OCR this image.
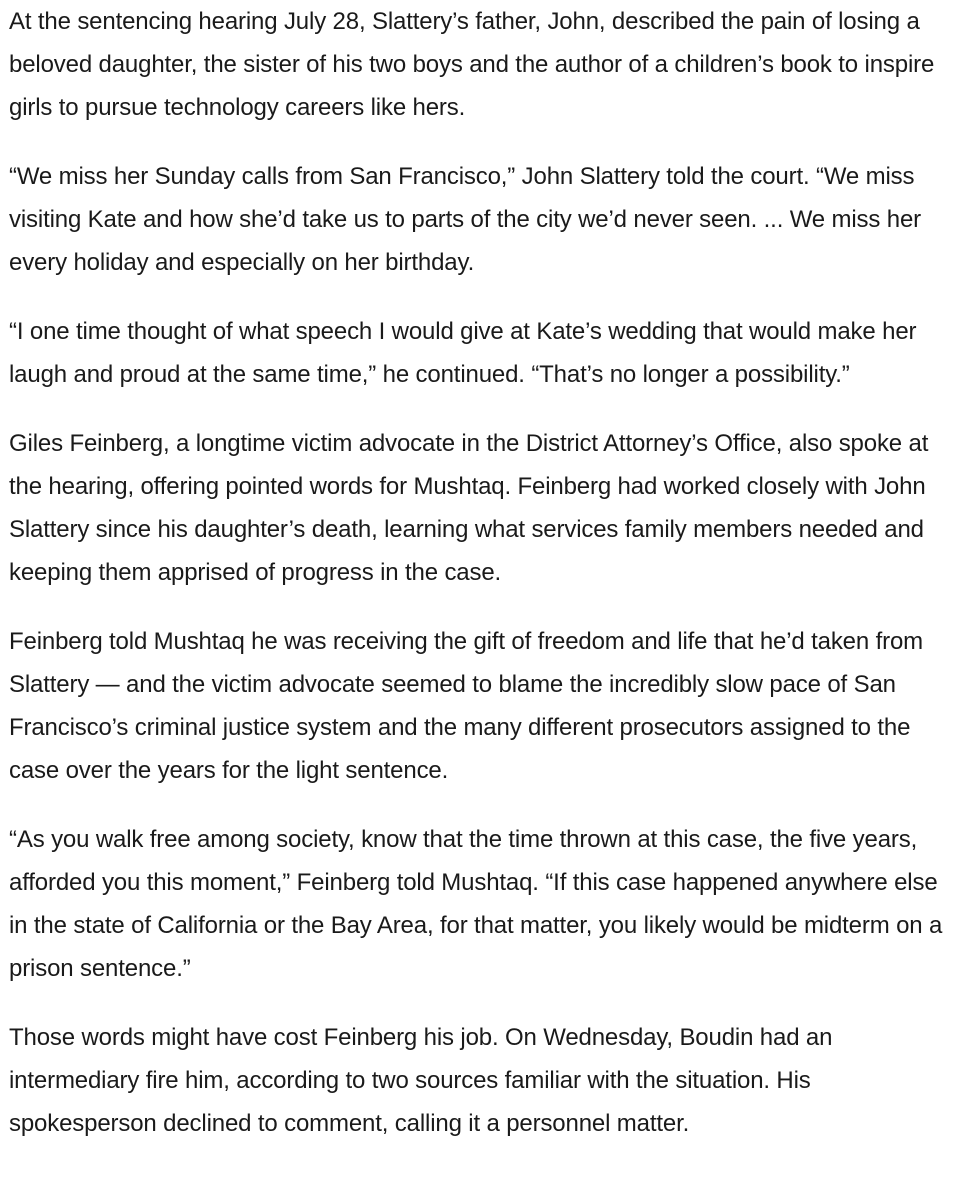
At the sentencing hearing July 28, Slattery’s father, John, described the pain of losing a beloved daughter, the sister of his two boys and the author of a children’s book to inspire girls to pursue technology careers like hers.

“We miss her Sunday calls from San Francisco,” John Slattery told the court. “We miss visiting Kate and how she’d take us to parts of the city we’d never seen. ... We miss her every holiday and especially on her birthday.

“I one time thought of what speech I would give at Kate’s wedding that would make her laugh and proud at the same time,” he continued. “That’s no longer a possibility.”

Giles Feinberg, a longtime victim advocate in the District Attorney’s Office, also spoke at the hearing, offering pointed words for Mushtaq. Feinberg had worked closely with John Slattery since his daughter’s death, learning what services family members needed and keeping them apprised of progress in the case.

Feinberg told Mushtaq he was receiving the gift of freedom and life that he’d taken from Slattery — and the victim advocate seemed to blame the incredibly slow pace of San Francisco’s criminal justice system and the many different prosecutors assigned to the case over the years for the light sentence.

“As you walk free among society, know that the time thrown at this case, the five years, afforded you this moment,” Feinberg told Mushtaq. “If this case happened anywhere else in the state of California or the Bay Area, for that matter, you likely would be midterm on a prison sentence.”

Those words might have cost Feinberg his job. On Wednesday, Boudin had an intermediary fire him, according to two sources familiar with the situation. His spokesperson declined to comment, calling it a personnel matter.
